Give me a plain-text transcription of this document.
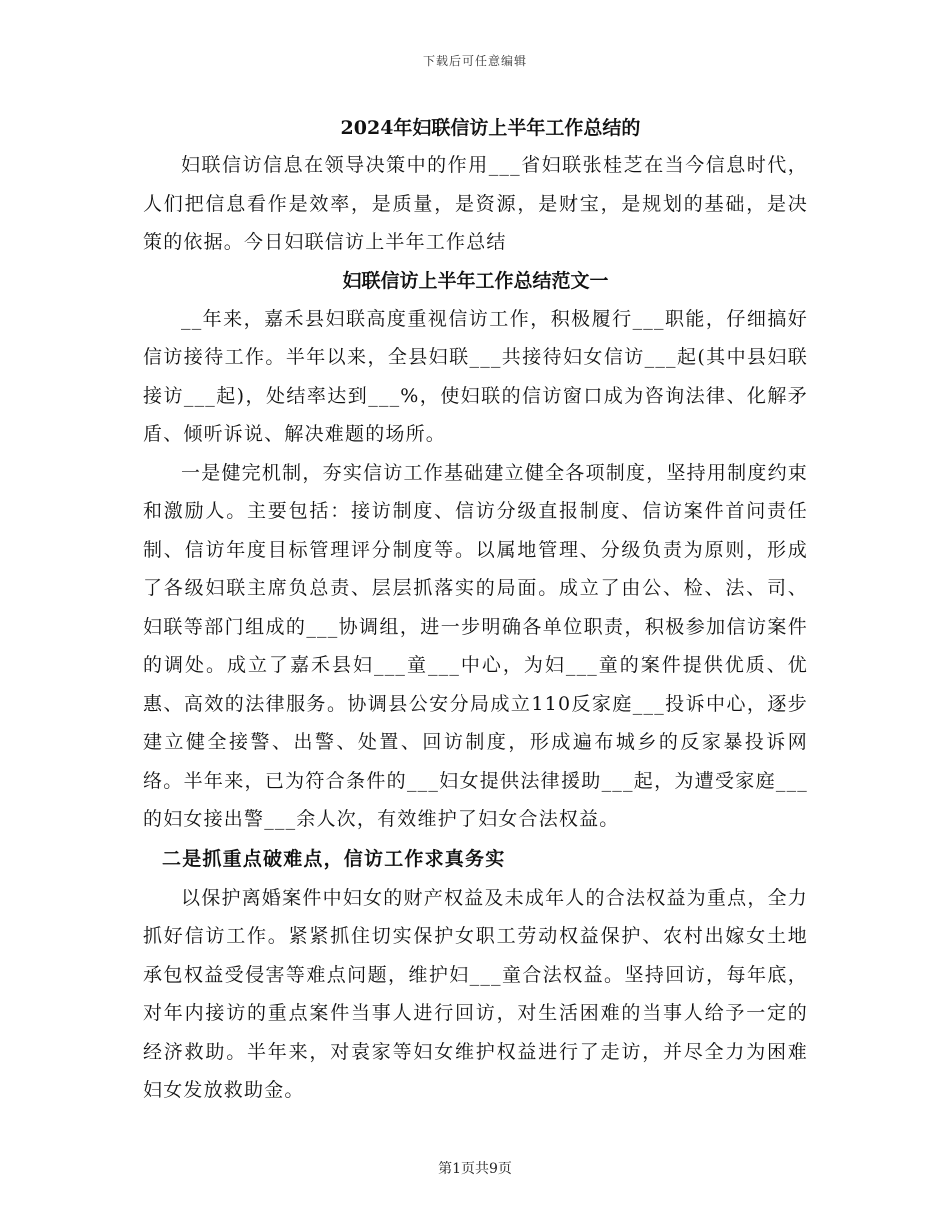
下载后可任意编辑
2024年妇联信访上半年工作总结的

妇联信访信息在领导决策中的作用___省妇联张桂芝在当今信息时代，人们把信息看作是效率，是质量，是资源，是财宝，是规划的基础，是决策的依据。今日妇联信访上半年工作总结

妇联信访上半年工作总结范文一

__年来，嘉禾县妇联高度重视信访工作，积极履行___职能，仔细搞好信访接待工作。半年以来，全县妇联___共接待妇女信访___起(其中县妇联接访___起)，处结率达到___%，使妇联的信访窗口成为咨询法律、化解矛盾、倾听诉说、解决难题的场所。

一是健完机制，夯实信访工作基础建立健全各项制度，坚持用制度约束和激励人。主要包括：接访制度、信访分级直报制度、信访案件首问责任制、信访年度目标管理评分制度等。以属地管理、分级负责为原则，形成了各级妇联主席负总责、层层抓落实的局面。成立了由公、检、法、司、妇联等部门组成的___协调组，进一步明确各单位职责，积极参加信访案件的调处。成立了嘉禾县妇___童___中心，为妇___童的案件提供优质、优惠、高效的法律服务。协调县公安分局成立110反家庭___投诉中心，逐步建立健全接警、出警、处置、回访制度，形成遍布城乡的反家暴投诉网络。半年来，已为符合条件的___妇女提供法律援助___起，为遭受家庭___的妇女接出警___余人次，有效维护了妇女合法权益。

二是抓重点破难点，信访工作求真务实

以保护离婚案件中妇女的财产权益及未成年人的合法权益为重点，全力抓好信访工作。紧紧抓住切实保护女职工劳动权益保护、农村出嫁女土地承包权益受侵害等难点问题，维护妇___童合法权益。坚持回访，每年底，对年内接访的重点案件当事人进行回访，对生活困难的当事人给予一定的经济救助。半年来，对袁家等妇女维护权益进行了走访，并尽全力为困难妇女发放救助金。

第1页共9页
